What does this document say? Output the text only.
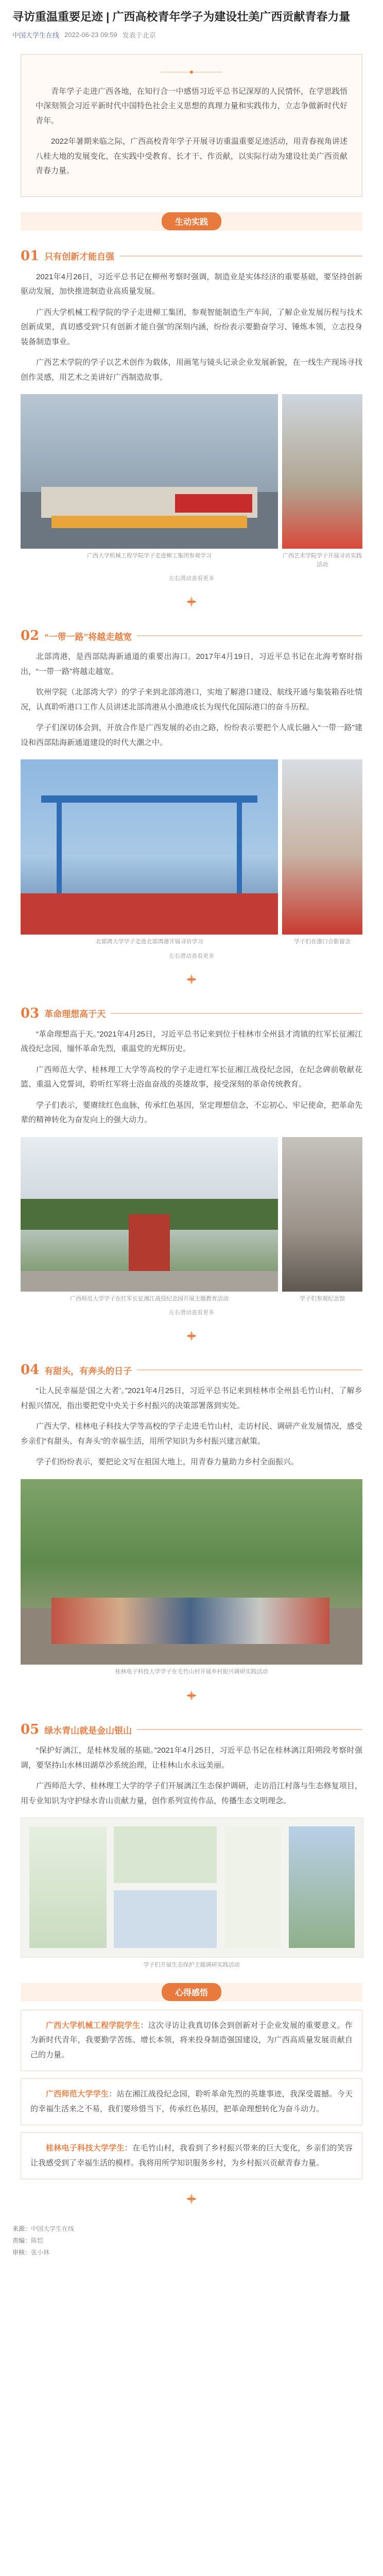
寻访重温重要足迹 | 广西高校青年学子为建设壮美广西贡献青春力量
中国大学生在线 2022-06-23 09:59 发表于北京

青年学子走进广西各地，在知行合一中感悟习近平总书记深厚的人民情怀，在学思践悟中深刻领会习近平新时代中国特色社会主义思想的真理力量和实践伟力，立志争做新时代好青年。

2022年暑期来临之际，广西高校青年学子开展寻访重温重要足迹活动，用青春视角讲述八桂大地的发展变化，在实践中受教育、长才干、作贡献，以实际行动为建设壮美广西贡献青春力量。

生动实践
01 只有创新才能自强

2021年4月26日，习近平总书记在柳州考察时强调，制造业是实体经济的重要基础，要坚持创新驱动发展，加快推进制造业高质量发展。

广西大学机械工程学院的学子走进柳工集团，参观智能制造生产车间，了解企业发展历程与技术创新成果，真切感受到“只有创新才能自强”的深刻内涵，纷纷表示要勤奋学习、锤炼本领，立志投身装备制造事业。

广西艺术学院的学子以艺术创作为载体，用画笔与镜头记录企业发展新貌，在一线生产现场寻找创作灵感，用艺术之美讲好广西制造故事。

广西大学机械工程学院学子走进柳工集团参观学习	广西艺术学院学子开展寻访实践活动
左右滑动查看更多
02 “一带一路”将越走越宽

北部湾港，是西部陆海新通道的重要出海口。2017年4月19日，习近平总书记在北海考察时指出，“一带一路”将越走越宽。

钦州学院（北部湾大学）的学子来到北部湾港口，实地了解港口建设、航线开通与集装箱吞吐情况，认真聆听港口工作人员讲述北部湾港从小渔港成长为现代化国际港口的奋斗历程。

学子们深切体会到，开放合作是广西发展的必由之路，纷纷表示要把个人成长融入“一带一路”建设和西部陆海新通道建设的时代大潮之中。

北部湾大学学子走进北部湾港开展寻访学习	学子们在港口合影留念
左右滑动查看更多
03 革命理想高于天

“革命理想高于天。”2021年4月25日，习近平总书记来到位于桂林市全州县才湾镇的红军长征湘江战役纪念园，缅怀革命先烈，重温党的光辉历史。

广西师范大学、桂林理工大学等高校的学子走进红军长征湘江战役纪念园，在纪念碑前敬献花篮、重温入党誓词，聆听红军将士浴血奋战的英雄故事，接受深刻的革命传统教育。

学子们表示，要赓续红色血脉，传承红色基因，坚定理想信念，不忘初心、牢记使命，把革命先辈的精神转化为奋发向上的强大动力。

广西师范大学学子在红军长征湘江战役纪念园开展主题教育活动	学子们参观纪念馆
左右滑动查看更多
04 有甜头，有奔头的日子

“让人民幸福是‘国之大者’。”2021年4月25日，习近平总书记来到桂林市全州县毛竹山村，了解乡村振兴情况，指出要把党中央关于乡村振兴的决策部署落到实处。

广西大学、桂林电子科技大学等高校的学子走进毛竹山村，走访村民、调研产业发展情况，感受乡亲们“有甜头、有奔头”的幸福生活，用所学知识为乡村振兴建言献策。

学子们纷纷表示，要把论文写在祖国大地上，用青春力量助力乡村全面振兴。

桂林电子科技大学学子在毛竹山村开展乡村振兴调研实践活动
05 绿水青山就是金山银山

“保护好漓江，是桂林发展的基础。”2021年4月25日，习近平总书记在桂林漓江阳朔段考察时强调，要坚持山水林田湖草沙系统治理，让桂林山水永远美丽。

广西师范大学、桂林理工大学的学子们开展漓江生态保护调研，走访沿江村落与生态修复项目，用专业知识为守护绿水青山贡献力量，创作系列宣传作品，传播生态文明理念。

学子们开展生态保护主题调研实践活动
心得感悟

广西大学机械工程学院学生：这次寻访让我真切体会到创新对于企业发展的重要意义。作为新时代青年，我要勤学苦练、增长本领，将来投身制造强国建设，为广西高质量发展贡献自己的力量。

广西师范大学学生：站在湘江战役纪念园，聆听革命先烈的英雄事迹，我深受震撼。今天的幸福生活来之不易，我们要珍惜当下，传承红色基因，把革命理想转化为奋斗动力。

桂林电子科技大学学生：在毛竹山村，我看到了乡村振兴带来的巨大变化，乡亲们的笑容让我感受到了幸福生活的模样。我将用所学知识服务乡村，为乡村振兴贡献青春力量。

来源：中国大学生在线
责编：陈恺
审核：张小林
